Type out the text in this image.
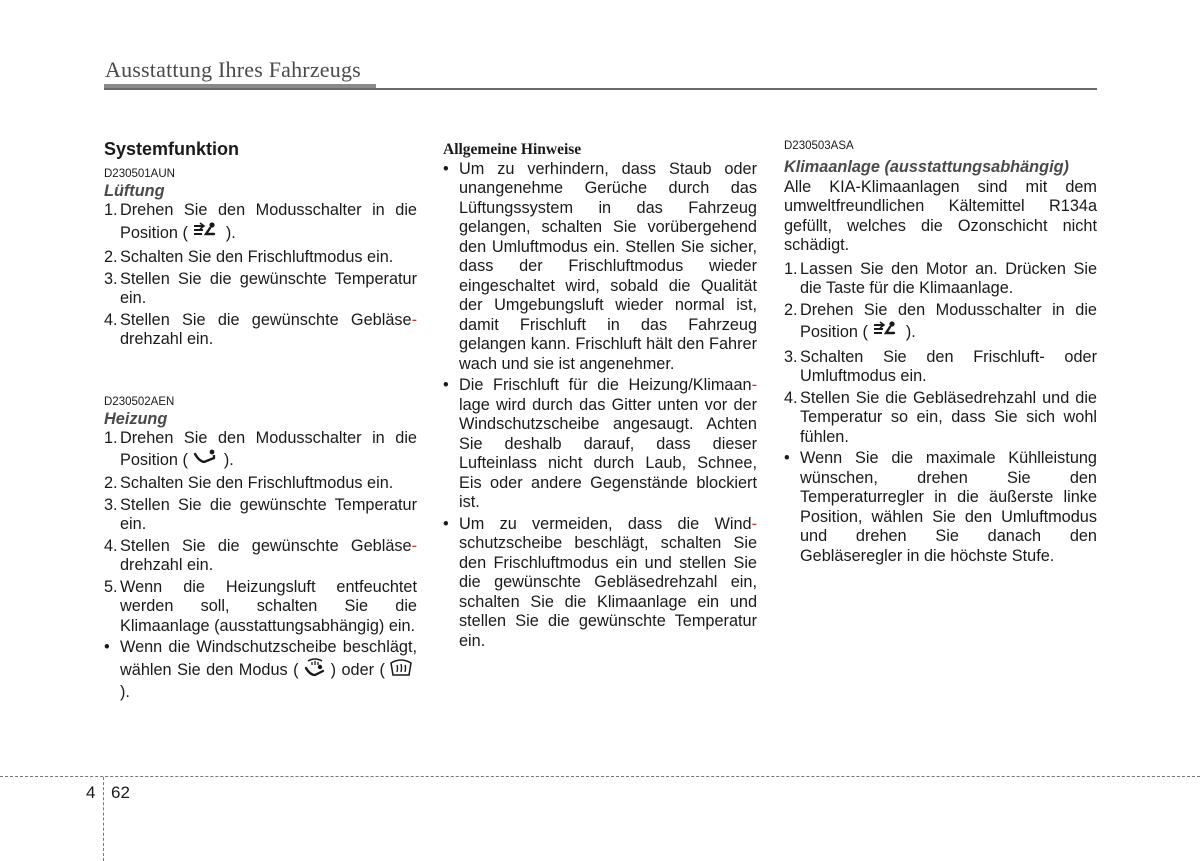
Ausstattung Ihres Fahrzeugs
Systemfunktion
D230501AUN
Lüftung
1. Drehen Sie den Modusschalter in die Position ( ).
2. Schalten Sie den Frischluftmodus ein.
3. Stellen Sie die gewünschte Temperatur ein.
4. Stellen Sie die gewünschte Gebläse- drehzahl ein.
D230502AEN
Heizung
1. Drehen Sie den Modusschalter in die Position ( ).
2. Schalten Sie den Frischluftmodus ein.
3. Stellen Sie die gewünschte Temperatur ein.
4. Stellen Sie die gewünschte Gebläse- drehzahl ein.
5. Wenn die Heizungsluft entfeuchtet werden soll, schalten Sie die Klimaanlage (ausstattungsabhängig) ein.
• Wenn die Windschutzscheibe beschlägt, wählen Sie den Modus ( ) oder ().
Allgemeine Hinweise
• Um zu verhindern, dass Staub oder unangenehme Gerüche durch das Lüftungssystem in das Fahrzeug gelangen, schalten Sie vorübergehend den Umluftmodus ein. Stellen Sie sicher, dass der Frischluftmodus wieder eingeschaltet wird, sobald die Qualität der Umgebungsluft wieder normal ist, damit Frischluft in das Fahrzeug gelangen kann. Frischluft hält den Fahrer wach und sie ist angenehmer.
• Die Frischluft für die Heizung/Klimaan- lage wird durch das Gitter unten vor der Windschutzscheibe angesaugt. Achten Sie deshalb darauf, dass dieser Lufteinlass nicht durch Laub, Schnee, Eis oder andere Gegenstände blockiert ist.
• Um zu vermeiden, dass die Wind- schutzscheibe beschlägt, schalten Sie den Frischluftmodus ein und stellen Sie die gewünschte Gebläsedrehzahl ein, schalten Sie die Klimaanlage ein und stellen Sie die gewünschte Temperatur ein.
D230503ASA
Klimaanlage (ausstattungsabhängig)
Alle KIA-Klimaanlagen sind mit dem umweltfreundlichen Kältemittel R134a gefüllt, welches die Ozonschicht nicht schädigt.
1. Lassen Sie den Motor an. Drücken Sie die Taste für die Klimaanlage.
2. Drehen Sie den Modusschalter in die Position ( ).
3. Schalten Sie den Frischluft- oder Umluftmodus ein.
4. Stellen Sie die Gebläsedrehzahl und die Temperatur so ein, dass Sie sich wohl fühlen.
• Wenn Sie die maximale Kühlleistung wünschen, drehen Sie den Temperaturregler in die äußerste linke Position, wählen Sie den Umluftmodus und drehen Sie danach den Gebläseregler in die höchste Stufe.
4 62
